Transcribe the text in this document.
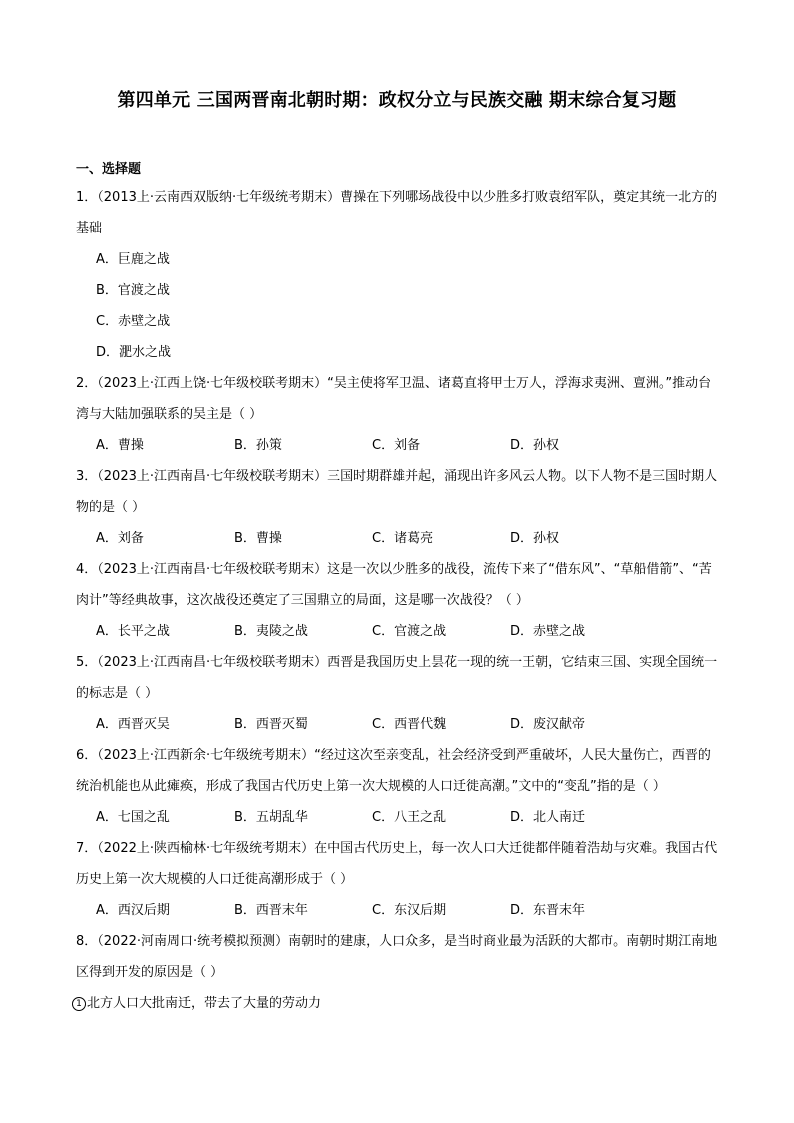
第四单元 三国两晋南北朝时期：政权分立与民族交融 期末综合复习题
一、选择题
1．（2013上·云南西双版纳·七年级统考期末）曹操在下列哪场战役中以少胜多打败袁绍军队，奠定其统一北方的基础
A．巨鹿之战
B．官渡之战
C．赤壁之战
D．淝水之战
2．（2023上·江西上饶·七年级校联考期末）“吴主使将军卫温、诸葛直将甲士万人，浮海求夷洲、亶洲。”推动台湾与大陆加强联系的吴主是（ ）
A．曹操	B．孙策	C．刘备	D．孙权
3．（2023上·江西南昌·七年级校联考期末）三国时期群雄并起，涌现出许多风云人物。以下人物不是三国时期人物的是（ ）
A．刘备	B．曹操	C．诸葛亮	D．孙权
4．（2023上·江西南昌·七年级校联考期末）这是一次以少胜多的战役，流传下来了“借东风”、“草船借箭”、“苦肉计”等经典故事，这次战役还奠定了三国鼎立的局面，这是哪一次战役？（ ）
A．长平之战	B．夷陵之战	C．官渡之战	D．赤壁之战
5．（2023上·江西南昌·七年级校联考期末）西晋是我国历史上昙花一现的统一王朝，它结束三国、实现全国统一的标志是（ ）
A．西晋灭吴	B．西晋灭蜀	C．西晋代魏	D．废汉献帝
6．（2023上·江西新余·七年级统考期末）“经过这次至亲变乱，社会经济受到严重破坏，人民大量伤亡，西晋的统治机能也从此瘫痪，形成了我国古代历史上第一次大规模的人口迁徙高潮。”文中的“变乱”指的是（ ）
A．七国之乱	B．五胡乱华	C．八王之乱	D．北人南迁
7．（2022上·陕西榆林·七年级统考期末）在中国古代历史上，每一次人口大迁徙都伴随着浩劫与灾难。我国古代历史上第一次大规模的人口迁徙高潮形成于（ ）
A．西汉后期	B．西晋末年	C．东汉后期	D．东晋末年
8．（2022·河南周口·统考模拟预测）南朝时的建康，人口众多，是当时商业最为活跃的大都市。南朝时期江南地区得到开发的原因是（ ）
1 北方人口大批南迁，带去了大量的劳动力
